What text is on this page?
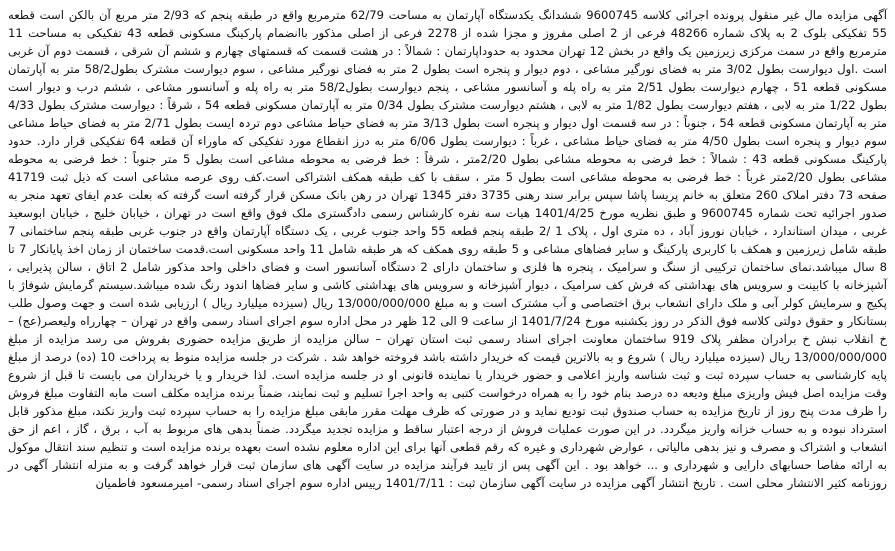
آگهی مزایده مال غیر منقول پرونده اجرائی کلاسه 9600745 ششدانگ یکدستگاه آپارتمان به مساحت 62/79 مترمربع واقع در طبقه پنجم که 2/93 متر مربع آن بالکن است قطعه 55 تفکیکی بلوک 2 به پلاک شماره 48266 فرعی از 2 اصلی مفروز و مجزا شده از 2278 فرعی از اصلی مذکور باانضمام پارکینگ مسکونی قطعه 43 تفکیکی به مساحت 11 مترمربع واقع در سمت مرکزی زیرزمین یک واقع در بخش 12 تهران محدود به حدوداپارتمان : شمالاً : در هشت قسمت که قسمتهای چهارم و ششم آن شرقی ، قسمت دوم آن غربی است .اول دیوارست بطول 3/02 متر به فضای نورگیر مشاعی ، دوم دیوار و پنجره است بطول 2 متر به فضای نورگیر مشاعی ، سوم دیوارست مشترک بطول58/2 متر به آپارتمان مسکونی قطعه 51 ، چهارم دیوارست بطول 2/51 متر به راه پله و آسانسور مشاعی ، پنجم دیوارست بطول58/2 متر به راه پله و آسانسور مشاعی ، ششم درب و دیوار است بطول 1/22 متر به لابی ، هفتم دیوارست بطول 1/82 متر به لابی ، هشتم دیوارست مشترک بطول 0/34 متر به آپارتمان مسکونی قطعه 54 ، شرقاً : دیوارست مشترک بطول 4/33 متر به آپارتمان مسکونی قطعه 54 ، جنوباً : در سه قسمت اول دیوار و پنجره است بطول 3/13 متر به فضای حیاط مشاعی دوم تردہ ایست بطول 2/71 متر به فضای حیاط مشاعی سوم دیوار و پنجره است بطول 4/50 متر به فضای حیاط مشاعی ، غرباً : دیوارست بطول 6/06 متر به درز انقطاع مورد تفکیکی که ماوراء آن قطعه 64 تفکیکی قرار دارد. حدود پارکینگ مسکونی قطعه 43 : شمالاً : خط فرضی به محوطه مشاعی بطول 2/20متر ، شرقاً : خط فرضی به محوطه مشاعی است بطول 5 متر جنوباً : خط فرضی به محوطه مشاعی بطول 2/20متر غرباً : خط فرضی به محوطه مشاعی است بطول 5 متر ، سقف با کف طبقه همکف اشتراکی است.کف روی عرصه مشاعی است که ذیل ثبت 41719 صفحه 73 دفتر املاک 260 متعلق به خانم پریسا پاشا سپس برابر سند رهنی 3735 دفتر 1345 تهران در رهن بانک مسکن قرار گرفته است گرفته که بعلت عدم ایفای تعهد منجر به صدور اجرائیه تحت شماره 9600745 و طبق نظریه مورخ 1401/4/25 هیات سه نفره کارشناس رسمی دادگستری ملک فوق واقع است در تهران ، خیابان خلیج ، خیابان ابوسعید غربی ، میدان استاندارد ، خیابان نوروز آباد ، ده متری اول ، پلاک 1 /2 طبقه پنجم قطعه 55 واحد جنوب غربی ، یک دستگاه آپارتمان واقع در جنوب غربی طبقه پنجم ساختمانی 7 طبقه شامل زیرزمین و همکف با کاربری پارکینگ و سایر فضاهای مشاعی و 5 طبقه روی همکف که هر طبقه شامل 11 واحد مسکونی است.قدمت ساختمان از زمان اخذ پایانکار 7 تا 8 سال میباشد.نمای ساختمان ترکیبی از سنگ و سرامیک ، پنجره ها فلزی و ساختمان دارای 2 دستگاه آسانسور است و فضای داخلی واحد مذکور شامل 2 اتاق ، سالن پذیرایی ، آشپزخانه با کابینت و سرویس های بهداشتی که فرش کف سرامیک ، دیوار آشپزخانه و سرویس های بهداشتی کاشی و سایر فضاها اندود رنگ شده میباشد.سیستم گرمایش شوفاژ با پکیج و سرمایش کولر آبی و ملک دارای انشعاب برق اختصاصی و آب مشترک است و به مبلغ 13/000/000/000 ریال (سیزده میلیارد ریال ) ارزیابی شده است و جهت وصول طلب بستانکار و حقوق دولتی کلاسه فوق الذکر در روز یکشنبه مورخ 1401/7/24 از ساعت 9 الی 12 ظهر در محل اداره سوم اجرای اسناد رسمی واقع در تهران – چهارراه ولیعصر(عج) –خ انقلاب نبش خ برادران مظفر پلاک 919 ساختمان معاونت اجرای اسناد رسمی ثبت استان تهران – سالن مزایده از طریق مزایده حضوری بفروش می رسد مزایده از مبلغ 13/000/000/000 ریال (سیزده میلیارد ریال ) شروع و به بالاترین قیمت که خریدار داشته باشد فروخته خواهد شد . شرکت در جلسه مزایده منوط به پرداخت 10 (ده) درصد از مبلغ پایه کارشناسی به حساب سپرده ثبت و ثبت شناسه واریز اعلامی و حضور خریدار یا نماینده قانونی او در جلسه مزایده است. لذا خریدار و یا خریداران می بایست تا قبل از شروع وقت مزایده اصل فیش واریزی مبلغ ودیعه ده درصد بنام خود را به همراه درخواست کتبی به واحد اجرا تسلیم و ثبت نمایند، ضمناً برنده مزایده مکلف است مابه التفاوت مبلغ فروش را ظرف مدت پنج روز از تاریخ مزایده به حساب صندوق ثبت تودیع نماید و در صورتی که ظرف مهلت مقرر مابقی مبلغ مزایده را به حساب سپرده ثبت واریز نکند، مبلغ مذکور قابل استرداد نبوده و به حساب خزانه واریز میگردد. در این صورت عملیات فروش از درجه اعتبار ساقط و مزایده تجدید میگردد. ضمناً بدهی های مربوط به آب ، برق ، گاز ، اعم از حق انشعاب و اشتراک و مصرف و نیز بدهی مالیاتی ، عوارض شهرداری و غیره که رقم قطعی آنها برای این اداره معلوم نشده است بعهده برنده مزایده است و تنظیم سند انتقال موکول به ارائه مفاصا حسابهای دارایی و شهرداری و ... خواهد بود . این آگهی پس از تایید فرآیند مزایده در سایت آگهی های سازمان ثبت قرار خواهد گرفت و به منزله انتشار آگهی در روزنامه کثیر الانتشار محلی است . تاریخ انتشار آگهی مزایده در سایت آگهی سازمان ثبت : 1401/7/11 رییس اداره سوم اجرای اسناد رسمی- امیرمسعود فاطمیان
